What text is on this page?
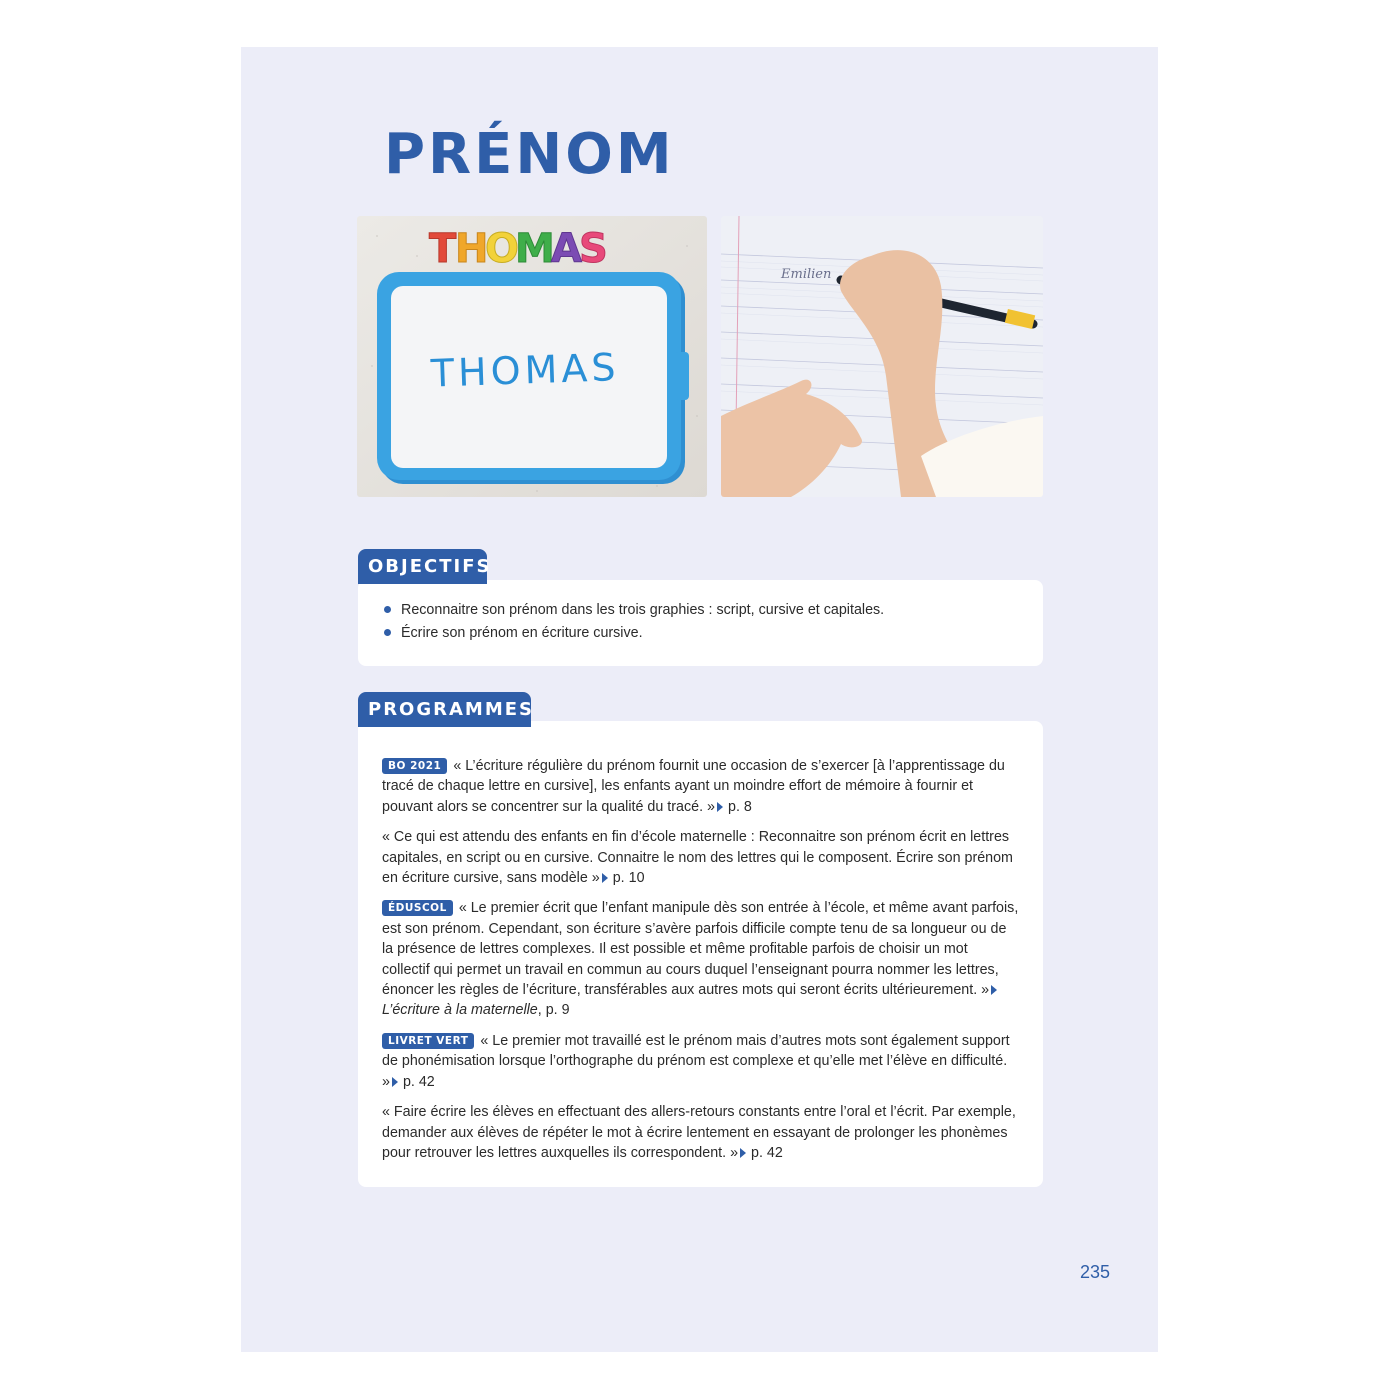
PRÉNOM
T
H
O
M
A
S
THOMAS
Emilien
OBJECTIFS
Reconnaitre son prénom dans les trois graphies : script, cursive et capitales.
Écrire son prénom en écriture cursive.
PROGRAMMES

BO 2021 « L’écriture régulière du prénom fournit une occasion de s’exercer [à l’apprentissage du tracé de chaque lettre en cursive], les enfants ayant un moindre effort de mémoire à fournir et pouvant alors se concentrer sur la qualité du tracé. » p. 8

« Ce qui est attendu des enfants en fin d’école maternelle : Reconnaitre son prénom écrit en lettres capitales, en script ou en cursive. Connaitre le nom des lettres qui le composent. Écrire son prénom en écriture cursive, sans modèle » p. 10

ÉDUSCOL « Le premier écrit que l’enfant manipule dès son entrée à l’école, et même avant parfois, est son prénom. Cependant, son écriture s’avère parfois difficile compte tenu de sa longueur ou de la présence de lettres complexes. Il est possible et même profitable parfois de choisir un mot collectif qui permet un travail en commun au cours duquel l’enseignant pourra nommer les lettres, énoncer les règles de l’écriture, transférables aux autres mots qui seront écrits ultérieurement. »L’écriture à la maternelle, p. 9

LIVRET VERT « Le premier mot travaillé est le prénom mais d’autres mots sont également support de phonémisation lorsque l’orthographe du prénom est complexe et qu’elle met l’élève en difficulté. » p. 42

« Faire écrire les élèves en effectuant des allers-retours constants entre l’oral et l’écrit. Par exemple, demander aux élèves de répéter le mot à écrire lentement en essayant de prolonger les phonèmes pour retrouver les lettres auxquelles ils correspondent. » p. 42

235
